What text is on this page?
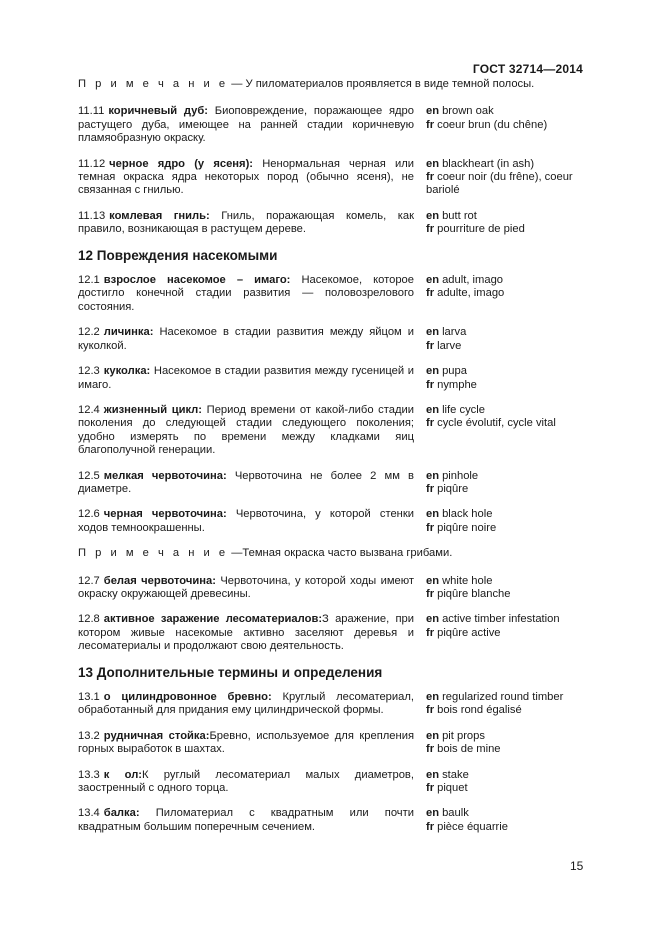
ГОСТ 32714—2014

П р и м е ч а н и е — У пиломатериалов проявляется в виде темной полосы.

11.11 коричневый дуб: Биоповреждение, поражающее ядро растущего дуба, имеющее на ранней стадии коричневую пламяобразную окраску.
en brown oak
fr coeur brun (du chêne)
11.12 черное ядро (у ясеня): Ненормальная черная или темная окраска ядра некоторых пород (обычно ясеня), не связанная с гнилью.
en blackheart (in ash)
fr coeur noir (du frêne), coeur bariolé
11.13 комлевая гниль: Гниль, поражающая комель, как правило, возникающая в растущем дереве.
en butt rot
fr pourriture de pied
12 Повреждения насекомыми
12.1 взрослое насекомое – имаго: Насекомое, которое достигло конечной стадии развития — половозрелового состояния.
en adult, imago
fr adulte, imago
12.2 личинка: Насекомое в стадии развития между яйцом и куколкой.
en larva
fr larve
12.3 куколка: Насекомое в стадии развития между гусеницей и имаго.
en pupa
fr nymphe
12.4 жизненный цикл: Период времени от какой-либо стадии поколения до следующей стадии следующего поколения; удобно измерять по времени между кладками яиц благополучной генерации.
en life cycle
fr cycle évolutif, cycle vital
12.5 мелкая червоточина: Червоточина не более 2 мм в диаметре.
en pinhole
fr piqûre
12.6 черная червоточина: Червоточина, у которой стенки ходов темноокрашенны.
en black hole
fr piqûre noire

П р и м е ч а н и е —Темная окраска часто вызвана грибами.

12.7 белая червоточина: Червоточина, у которой ходы имеют окраску окружающей древесины.
en white hole
fr piqûre blanche
12.8 активное заражение лесоматериалов:З аражение, при котором живые насекомые активно заселяют деревья и лесоматериалы и продолжают свою деятельность.
en active timber infestation
fr piqûre active
13 Дополнительные термины и определения
13.1 о цилиндровонное бревно: Круглый лесоматериал, обработанный для придания ему цилиндрической формы.
en regularized round timber
fr bois rond égalisé
13.2 рудничная стойка:Бревно, используемое для крепления горных выработок в шахтах.
en pit props
fr bois de mine
13.3 к ол:К руглый лесоматериал малых диаметров, заостренный с одного торца.
en stake
fr piquet
13.4 балка: Пиломатериал с квадратным или почти квадратным большим поперечным сечением.
en baulk
fr pièce équarrie
15
